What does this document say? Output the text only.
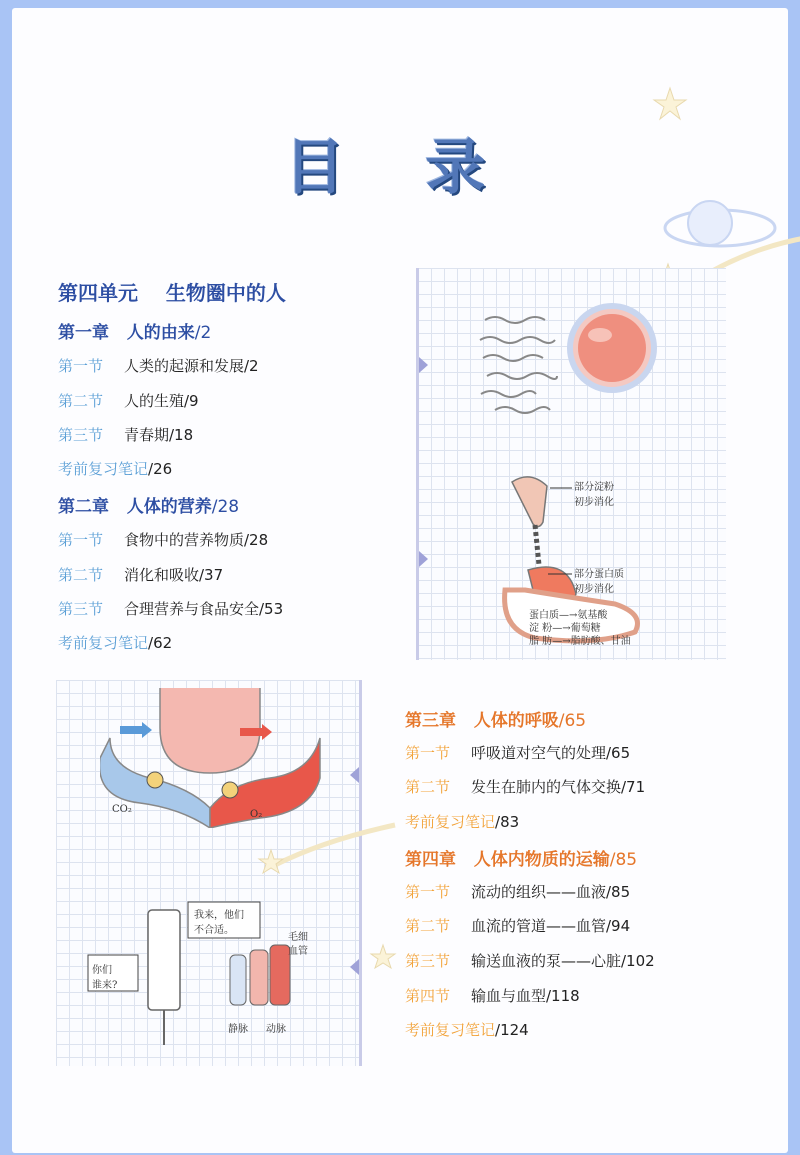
目 录
第四单元 生物圈中的人
第一章 人的由来/2
第一节 人类的起源和发展/2
第二节 人的生殖/9
第三节 青春期/18
考前复习笔记/26
第二章 人体的营养/28
第一节 食物中的营养物质/28
第二节 消化和吸收/37
第三节 合理营养与食品安全/53
考前复习笔记/62
部分淀粉
初步消化
部分蛋白质
初步消化
蛋白质—→氨基酸
淀 粉—→葡萄糖
脂 肪—→脂肪酸、甘油
CO₂	O₂
我来，他们
不合适。
你们
谁来?
毛细
血管
静脉 动脉
第三章 人体的呼吸/65
第一节 呼吸道对空气的处理/65
第二节 发生在肺内的气体交换/71
考前复习笔记/83
第四章 人体内物质的运输/85
第一节 流动的组织——血液/85
第二节 血流的管道——血管/94
第三节 输送血液的泵——心脏/102
第四节 输血与血型/118
考前复习笔记/124
